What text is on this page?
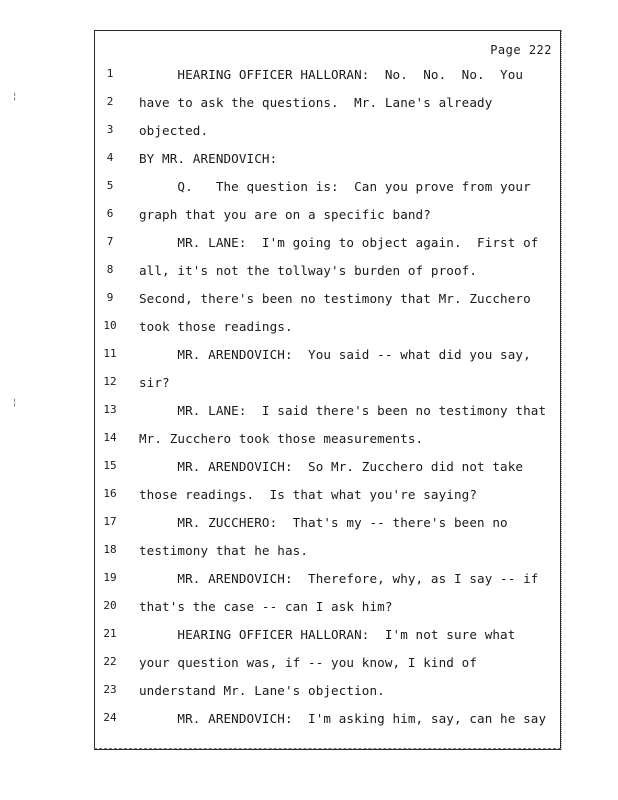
Page 222
1	HEARING OFFICER HALLORAN:  No.  No.  No.  You
2	have to ask the questions.  Mr. Lane's already
3	objected.
4	BY MR. ARENDOVICH:
5	Q.   The question is:  Can you prove from your
6	graph that you are on a specific band?
7	MR. LANE:  I'm going to object again.  First of
8	all, it's not the tollway's burden of proof.
9	Second, there's been no testimony that Mr. Zucchero
10	took those readings.
11	MR. ARENDOVICH:  You said -- what did you say,
12	sir?
13	MR. LANE:  I said there's been no testimony that
14	Mr. Zucchero took those measurements.
15	MR. ARENDOVICH:  So Mr. Zucchero did not take
16	those readings.  Is that what you're saying?
17	MR. ZUCCHERO:  That's my -- there's been no
18	testimony that he has.
19	MR. ARENDOVICH:  Therefore, why, as I say -- if
20	that's the case -- can I ask him?
21	HEARING OFFICER HALLORAN:  I'm not sure what
22	your question was, if -- you know, I kind of
23	understand Mr. Lane's objection.
24	MR. ARENDOVICH:  I'm asking him, say, can he say
¦
¦
